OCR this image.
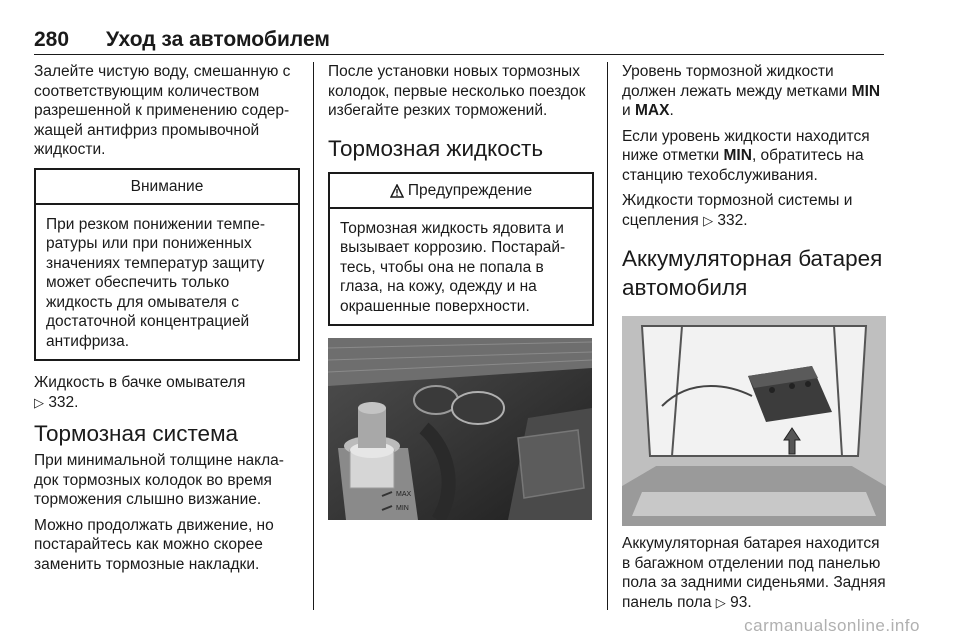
280 Уход за автомобилем

Залейте чистую воду, смешанную с соответствующим количеством разрешенной к применению содержащей антифриз промывочной жидкости.

Внимание
При резком понижении температуры или при пониженных значениях температур защиту может обеспечить только жидкость для омывателя с достаточной концентрацией антифриза.

Жидкость в бачке омывателя
▷ 332.

Тормозная система

При минимальной толщине накладок тормозных колодок во время торможения слышно визжание.

Можно продолжать движение, но постарайтесь как можно скорее заменить тормозные накладки.

После установки новых тормозных колодок, первые несколько поездок избегайте резких торможений.

Тормозная жидкость
Предупреждение
Тормозная жидкость ядовита и вызывает коррозию. Постарайтесь, чтобы она не попала в глаза, на кожу, одежду и на окрашенные поверхности.
MAX
MIN

Уровень тормозной жидкости должен лежать между метками MIN и MAX.

Если уровень жидкости находится ниже отметки MIN, обратитесь на станцию техобслуживания.

Жидкости тормозной системы и сцепления ▷ 332.

Аккумуляторная батарея автомобиля

Аккумуляторная батарея находится в багажном отделении под панелью пола за задними сиденьями. Задняя панель пола ▷ 93.

carmanualsonline.info
